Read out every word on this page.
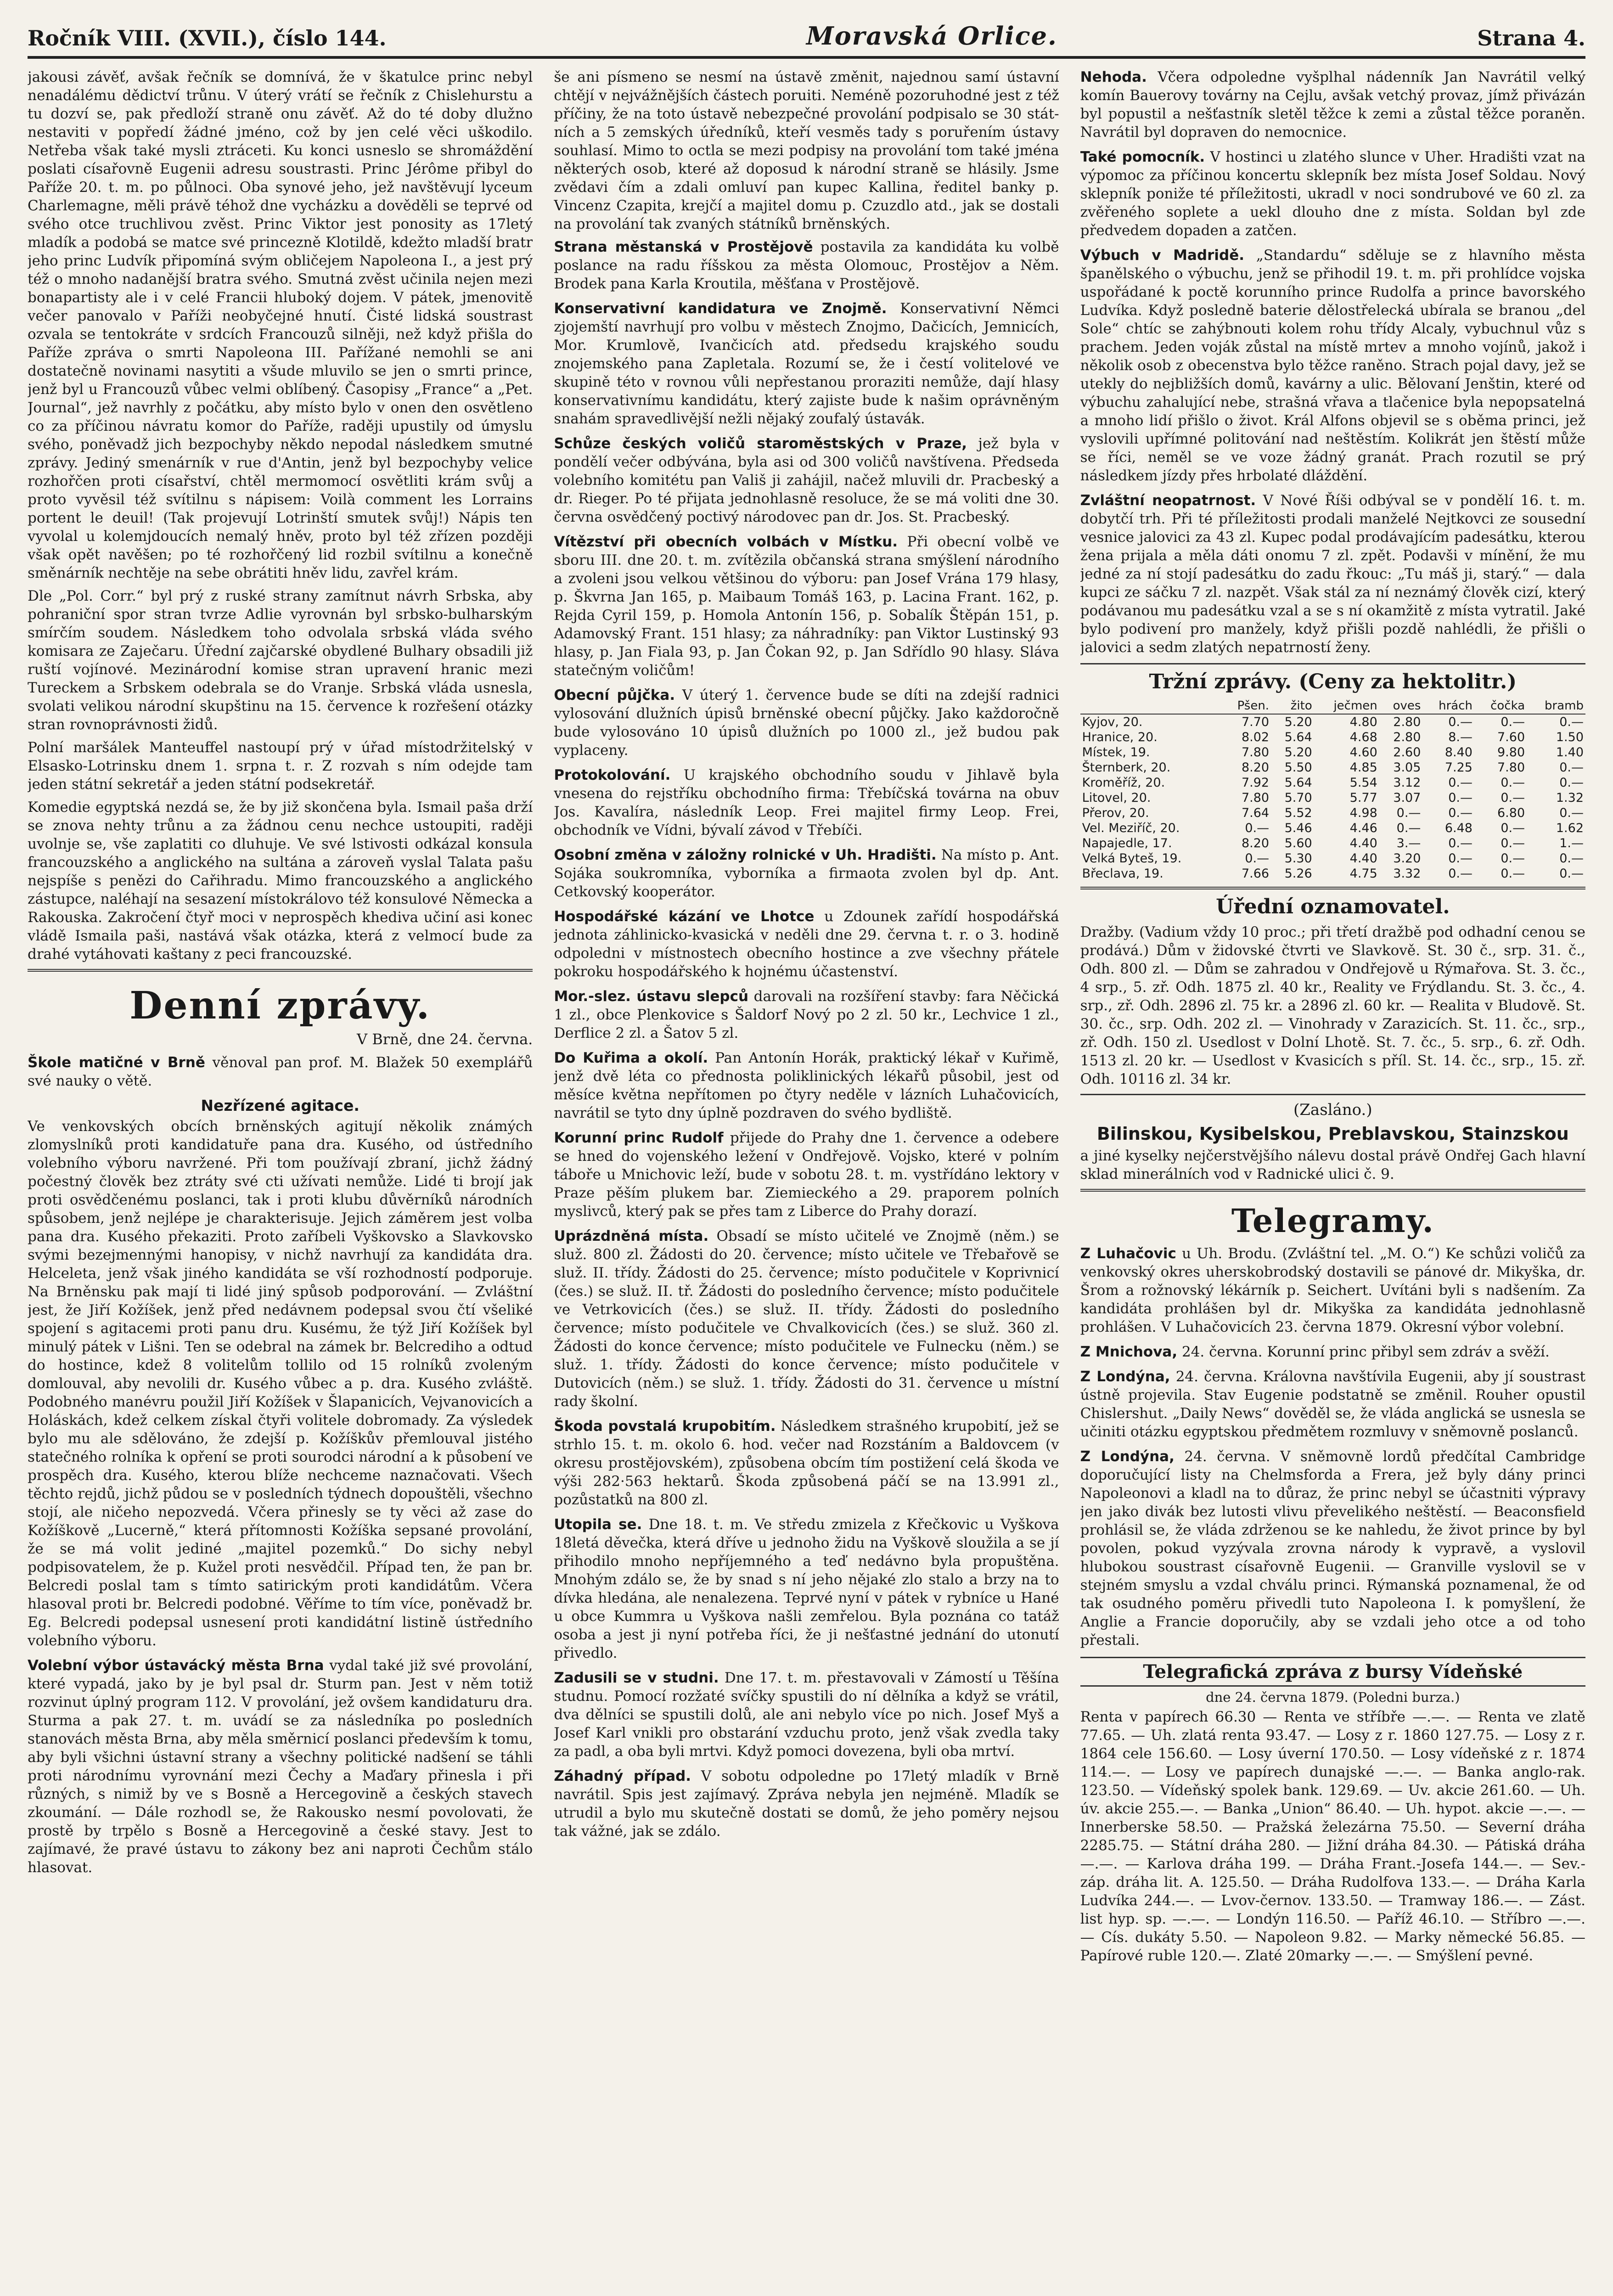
Ročník VIII. (XVII.), číslo 144.	Moravská Orlice.	Strana 4.

jakousi závěť, avšak řečník se domnívá, že v škatulce princ nebyl nenadálému dědictví trůnu. V úterý vrátí se řečník z Chislehurstu a tu dozví se, pak předloží straně onu závěť. Až do té doby dlužno nestaviti v popředí žádné jméno, což by jen celé věci uškodilo. Netřeba však také mysli ztráceti. Ku konci usneslo se shromáždění poslati císařovně Eugenii adresu soustrasti. Princ Jérôme přibyl do Paříže 20. t. m. po půlnoci. Oba synové jeho, jež navštěvují lyceum Charlemagne, měli právě téhož dne vycházku a dověděli se teprvé od svého otce truchlivou zvěst. Princ Viktor jest ponosity as 17letý mladík a podobá se matce své princezně Klotildě, kdežto mladší bratr jeho princ Ludvík připomíná svým obličejem Napoleona I., a jest prý též o mnoho nadanější bratra svého. Smutná zvěst učinila nejen mezi bonapartisty ale i v celé Francii hluboký dojem. V pátek, jmenovitě večer panovalo v Paříži neobyčejné hnutí. Čisté lidská soustrast ozvala se tentokráte v srdcích Francouzů silněji, než když přišla do Paříže zpráva o smrti Napoleona III. Pařížané nemohli se ani dostatečně novinami nasytiti a všude mluvilo se jen o smrti prince, jenž byl u Francouzů vůbec velmi oblíbený. Časopisy „France“ a „Pet. Journal“, jež navrhly z počátku, aby místo bylo v onen den osvětleno co za příčinou návratu komor do Paříže, raději upustily od úmyslu svého, poněvadž jich bezpochyby někdo nepodal následkem smutné zprávy. Jediný smenárník v rue d'Antin, jenž byl bezpochyby velice rozhořčen proti císařství, chtěl mermomocí osvětliti krám svůj a proto vyvěsil též svítilnu s nápisem: Voilà comment les Lorrains portent le deuil! (Tak projevují Lotrinští smutek svůj!) Nápis ten vyvolal u kolemjdoucích nemalý hněv, proto byl též zřízen později však opět navěšen; po té rozhořčený lid rozbil svítilnu a konečně směnárník nechtěje na sebe obrátiti hněv lidu, zavřel krám.

Dle „Pol. Corr.“ byl prý z ruské strany zamítnut návrh Srbska, aby pohraniční spor stran tvrze Adlie vyrovnán byl srbsko-bulharským smírčím soudem. Následkem toho odvolala srbská vláda svého komisara ze Zaječaru. Úřední zajčarské obydlené Bulhary obsadili již ruští vojínové. Mezinárodní komise stran upravení hranic mezi Tureckem a Srbskem odebrala se do Vranje. Srbská vláda usnesla, svolati velikou národní skupštinu na 15. července k rozřešení otázky stran rovnoprávnosti židů.

Polní maršálek Manteuffel nastoupí prý v úřad místodržitelský v Elsasko-Lotrinsku dnem 1. srpna t. r. Z rozvah s ním odejde tam jeden státní sekretář a jeden státní podsekretář.

Komedie egyptská nezdá se, že by již skončena byla. Ismail paša drží se znova nehty trůnu a za žádnou cenu nechce ustoupiti, raději uvolnje se, vše zaplatiti co dluhuje. Ve své lstivosti odkázal konsula francouzského a anglického na sultána a zároveň vyslal Talata pašu nejspíše s penězi do Cařihradu. Mimo francouzského a anglického zástupce, naléhají na sesazení místokrálovo též konsulové Německa a Rakouska. Zakročení čtyř moci v neprospěch khediva učiní asi konec vládě Ismaila paši, nastává však otázka, která z velmocí bude za drahé vytáhovati kaštany z peci francouzské.

Denní zprávy.
V Brně, dne 24. června.

Škole matičné v Brně věnoval pan prof. M. Blažek 50 exemplářů své nauky o větě.

Nezřízené agitace.

Ve venkovských obcích brněnských agitují několik známých zlomyslníků proti kandidatuře pana dra. Kusého, od ústředního volebního výboru navržené. Při tom používají zbraní, jichž žádný počestný člověk bez ztráty své cti užívati nemůže. Lidé ti brojí jak proti osvědčenému poslanci, tak i proti klubu důvěrníků národních spůsobem, jenž nejlépe je charakterisuje. Jejich záměrem jest volba pana dra. Kusého překaziti. Proto zaříbeli Vyškovsko a Slavkovsko svými bezejmennými hanopisy, v nichž navrhují za kandidáta dra. Helceleta, jenž však jiného kandidáta se vší rozhodností podporuje. Na Brněnsku pak mají ti lidé jiný spůsob podporování. — Zvláštní jest, že Jiří Kožíšek, jenž před nedávnem podepsal svou čtí všeliké spojení s agitacemi proti panu dru. Kusému, že týž Jiří Kožíšek byl minulý pátek v Lišni. Ten se odebral na zámek br. Belcrediho a odtud do hostince, kdež 8 volitelům tollilo od 15 rolníků zvoleným domlouval, aby nevolili dr. Kusého vůbec a p. dra. Kusého zvláště. Podobného manévru použil Jiří Kožíšek v Šlapanicích, Vejvanovicích a Holáskách, kdež celkem získal čtyři volitele dobromady. Za výsledek bylo mu ale sdělováno, že zdejší p. Kožíškův přemlouval jistého statečného rolníka k opření se proti sourodci národní a k působení ve prospěch dra. Kusého, kterou blíže nechceme naznačovati. Všech těchto rejdů, jichž půdou se v posledních týdnech dopouštěli, všechno stojí, ale ničeho nepozvedá. Včera přinesly se ty věci až zase do Kožíškově „Lucerně,“ která přítomnosti Kožíška sepsané provolání, že se má volit jediné „majitel pozemků.“ Do sichy nebyl podpisovatelem, že p. Kužel proti nesvědčil. Případ ten, že pan br. Belcredi poslal tam s tímto satirickým proti kandidátům. Včera hlasoval proti br. Belcredi podobné. Věříme to tím více, poněvadž br. Eg. Belcredi podepsal usnesení proti kandidátní listině ústředního volebního výboru.

Volební výbor ústavácký města Brna vydal také již své provolání, které vypadá, jako by je byl psal dr. Sturm pan. Jest v něm totiž rozvinut úplný program 112. V provolání, jež ovšem kandidaturu dra. Sturma a pak 27. t. m. uvádí se za následníka po posledních stanovách města Brna, aby měla směrnicí poslanci především k tomu, aby byli všichni ústavní strany a všechny politické nadšení se táhli proti národnímu vyrovnání mezi Čechy a Maďary přinesla i při různých, s nimiž by ve s Bosně a Hercegovině a českých stavech zkoumání. — Dále rozhodl se, že Rakousko nesmí povolovati, že prostě by trpělo s Bosně a Hercegovině a české stavy. Jest to zajímavé, že pravé ústavu to zákony bez ani naproti Čechům stálo hlasovat.

še ani písmeno se nesmí na ústavě změnit, najednou samí ústavní chtějí v nejvážnějších částech poruiti. Neméně pozoruhodné jest z též příčiny, že na toto ústavě nebezpečné provolání podpisalo se 30 stát-ních a 5 zemských úředníků, kteří vesměs tady s poruřením ústavy souhlasí. Mimo to octla se mezi podpisy na provolání tom také jména některých osob, které až doposud k národní straně se hlásily. Jsme zvědavi čím a zdali omluví pan kupec Kallina, ředitel banky p. Vincenz Czapita, krejčí a majitel domu p. Czuzdlo atd., jak se dostali na provolání tak zvaných státníků brněnských.

Strana městanská v Prostějově postavila za kandidáta ku volbě poslance na radu říšskou za města Olomouc, Prostějov a Něm. Brodek pana Karla Kroutila, měšťana v Prostějově.

Konservativní kandidatura ve Znojmě. Konservativní Němci zjojemští navrhují pro volbu v městech Znojmo, Dačicích, Jemnicích, Mor. Krumlově, Ivančicích atd. předsedu krajského soudu znojemského pana Zapletala. Rozumí se, že i čestí volitelové ve skupině této v rovnou vůli nepřestanou proraziti nemůže, dají hlasy konservativnímu kandidátu, který zajiste bude k našim oprávněným snahám spravedlivější nežli nějaký zoufalý ústavák.

Schůze českých voličů staroměstských v Praze, jež byla v pondělí večer odbývána, byla asi od 300 voličů navštívena. Předseda volebního komitétu pan Vališ ji zahájil, načež mluvili dr. Pracbeský a dr. Rieger. Po té přijata jednohlasně resoluce, že se má voliti dne 30. června osvědčený poctivý národovec pan dr. Jos. St. Pracbeský.

Vítězství při obecních volbách v Místku. Při obecní volbě ve sboru III. dne 20. t. m. zvítězila občanská strana smýšlení národního a zvoleni jsou velkou většinou do výboru: pan Josef Vrána 179 hlasy, p. Škvrna Jan 165, p. Maibaum Tomáš 163, p. Lacina Frant. 162, p. Rejda Cyril 159, p. Homola Antonín 156, p. Sobalík Štěpán 151, p. Adamovský Frant. 151 hlasy; za náhradníky: pan Viktor Lustinský 93 hlasy, p. Jan Fiala 93, p. Jan Čokan 92, p. Jan Sdřídlo 90 hlasy. Sláva statečným voličům!

Obecní půjčka. V úterý 1. července bude se díti na zdejší radnici vylosování dlužních úpisů brněnské obecní půjčky. Jako každoročně bude vylosováno 10 úpisů dlužních po 1000 zl., jež budou pak vyplaceny.

Protokolování. U krajského obchodního soudu v Jihlavě byla vnesena do rejstříku obchodního firma: Třebíčská továrna na obuv Jos. Kavalíra, následník Leop. Frei majitel firmy Leop. Frei, obchodník ve Vídni, bývalí závod v Třebíči.

Osobní změna v záložny rolnické v Uh. Hradišti. Na místo p. Ant. Sojáka soukromníka, vyborníka a firmaota zvolen byl dp. Ant. Cetkovský kooperátor.

Hospodářské kázání ve Lhotce u Zdounek zařídí hospodářská jednota záhlinicko-kvasická v neděli dne 29. června t. r. o 3. hodině odpoledni v místnostech obecního hostince a zve všechny přátele pokroku hospodářského k hojnému účastenství.

Mor.-slez. ústavu slepců darovali na rozšíření stavby: fara Něčická 1 zl., obce Plenkovice s Šaldorf Nový po 2 zl. 50 kr., Lechvice 1 zl., Derflice 2 zl. a Šatov 5 zl.

Do Kuřima a okolí. Pan Antonín Horák, praktický lékař v Kuřimě, jenž dvě léta co přednosta poliklinických lékařů působil, jest od měsíce května nepřítomen po čtyry neděle v lázních Luhačovicích, navrátil se tyto dny úplně pozdraven do svého bydliště.

Korunní princ Rudolf přijede do Prahy dne 1. července a odebere se hned do vojenského ležení v Ondřejově. Vojsko, které v polním táboře u Mnichovic leží, bude v sobotu 28. t. m. vystřídáno lektory v Praze pěším plukem bar. Ziemieckého a 29. praporem polních myslivců, který pak se přes tam z Liberce do Prahy dorazí.

Uprázdněná místa. Obsadí se místo učitelé ve Znojmě (něm.) se služ. 800 zl. Žádosti do 20. července; místo učitele ve Třebařově se služ. II. třídy. Žádosti do 25. července; místo podučitele v Koprivnicí (čes.) se služ. II. tř. Žádosti do posledního července; místo podučitele ve Vetrkovicích (čes.) se služ. II. třídy. Žádosti do posledního července; místo podučitele ve Chvalkovicích (čes.) se služ. 360 zl. Žádosti do konce července; místo podučitele ve Fulnecku (něm.) se služ. 1. třídy. Žádosti do konce července; místo podučitele v Dutovicích (něm.) se služ. 1. třídy. Žádosti do 31. července u místní rady školní.

Škoda povstalá krupobitím. Následkem strašného krupobití, jež se strhlo 15. t. m. okolo 6. hod. večer nad Rozstáním a Baldovcem (v okresu prostějovském), způsobena obcím tím postižení celá škoda ve výši 282·563 hektarů. Škoda způsobená páčí se na 13.991 zl., pozůstatků na 800 zl.

Utopila se. Dne 18. t. m. Ve středu zmizela z Křečkovic u Vyškova 18letá děvečka, která dříve u jednoho židu na Vyškově sloužila a se jí přihodilo mnoho nepříjemného a teď nedávno byla propuštěna. Mnohým zdálo se, že by snad s ní jeho nějaké zlo stalo a brzy na to dívka hledána, ale nenalezena. Teprvé nyní v pátek v rybníce u Hané u obce Kummra u Vyškova našli zemřelou. Byla poznána co tatáž osoba a jest ji nyní potřeba říci, že ji nešťastné jednání do utonutí přivedlo.

Zadusili se v studni. Dne 17. t. m. přestavovali v Zámostí u Těšína studnu. Pomocí rozžaté svíčky spustili do ní dělníka a když se vrátil, dva dělníci se spustili dolů, ale ani nebylo více po nich. Josef Myš a Josef Karl vnikli pro obstarání vzduchu proto, jenž však zvedla taky za padl, a oba byli mrtvi. Když pomoci dovezena, byli oba mrtví.

Záhadný případ. V sobotu odpoledne po 17letý mladík v Brně navrátil. Spis jest zajímavý. Zpráva nebyla jen nejméně. Mladík se utrudil a bylo mu skutečně dostati se domů, že jeho poměry nejsou tak vážné, jak se zdálo.

Nehoda. Včera odpoledne vyšplhal nádenník Jan Navrátil velký komín Bauerovy továrny na Cejlu, avšak vetchý provaz, jímž přivázán byl popustil a nešťastník sletěl těžce k zemi a zůstal těžce poraněn. Navrátil byl dopraven do nemocnice.

Také pomocník. V hostinci u zlatého slunce v Uher. Hradišti vzat na výpomoc za příčinou koncertu sklepník bez místa Josef Soldau. Nový sklepník poniže té příležitosti, ukradl v noci sondrubové ve 60 zl. za zvěřeného soplete a uekl dlouho dne z místa. Soldan byl zde předvedem dopaden a zatčen.

Výbuch v Madridě. „Standardu“ sděluje se z hlavního města španělského o výbuchu, jenž se přihodil 19. t. m. při prohlídce vojska uspořádané k poctě korunního prince Rudolfa a prince bavorského Ludvíka. Když posledně baterie dělostřelecká ubírala se branou „del Sole“ chtíc se zahýbnouti kolem rohu třídy Alcaly, vybuchnul vůz s prachem. Jeden voják zůstal na místě mrtev a mnoho vojínů, jakož i několik osob z obecenstva bylo těžce raněno. Strach pojal davy, jež se utekly do nejbližších domů, kavárny a ulic. Bělovaní Jenštin, které od výbuchu zahalující nebe, strašná vřava a tlačenice byla nepopsatelná a mnoho lidí přišlo o život. Král Alfons objevil se s oběma princi, jež vyslovili upřímné politování nad neštěstím. Kolikrát jen štěstí může se říci, neměl se ve voze žádný granát. Prach rozutil se prý následkem jízdy přes hrbolaté dláždění.

Zvláštní neopatrnost. V Nové Říši odbýval se v pondělí 16. t. m. dobytčí trh. Při té příležitosti prodali manželé Nejtkovci ze sousední vesnice jalovici za 43 zl. Kupec podal prodávajícím padesátku, kterou žena prijala a měla dáti onomu 7 zl. zpět. Podavši v mínění, že mu jedné za ní stojí padesátku do zadu řkouc: „Tu máš ji, starý.“ — dala kupci ze sáčku 7 zl. nazpět. Však stál za ní neznámý člověk cizí, který podávanou mu padesátku vzal a se s ní okamžitě z místa vytratil. Jaké bylo podivení pro manžely, když přišli pozdě nahlédli, že přišli o jalovici a sedm zlatých nepatrností ženy.

Tržní zprávy. (Ceny za hektolitr.)
	Pšen.	žito	ječmen	oves	hrách	čočka	bramb
Kyjov, 20.	7.70	5.20	4.80	2.80	0.—	0.—	0.—
Hranice, 20.	8.02	5.64	4.68	2.80	8.—	7.60	1.50
Místek, 19.	7.80	5.20	4.60	2.60	8.40	9.80	1.40
Šternberk, 20.	8.20	5.50	4.85	3.05	7.25	7.80	0.—
Kroměříž, 20.	7.92	5.64	5.54	3.12	0.—	0.—	0.—
Litovel, 20.	7.80	5.70	5.77	3.07	0.—	0.—	1.32
Přerov, 20.	7.64	5.52	4.98	0.—	0.—	6.80	0.—
Vel. Meziříč, 20.	0.—	5.46	4.46	0.—	6.48	0.—	1.62
Napajedle, 17.	8.20	5.60	4.40	3.—	0.—	0.—	1.—
Velká Byteš, 19.	0.—	5.30	4.40	3.20	0.—	0.—	0.—
Břeclava, 19.	7.66	5.26	4.75	3.32	0.—	0.—	0.—
Úřední oznamovatel.

Dražby. (Vadium vždy 10 proc.; při třetí dražbě pod odhadní cenou se prodává.) Dům v židovské čtvrti ve Slavkově. St. 30 č., srp. 31. č., Odh. 800 zl. — Dům se zahradou v Ondřejově u Rýmařova. St. 3. čc., 4 srp., 5. zř. Odh. 1875 zl. 40 kr., Reality ve Frýdlandu. St. 3. čc., 4. srp., zř. Odh. 2896 zl. 75 kr. a 2896 zl. 60 kr. — Realita v Bludově. St. 30. čc., srp. Odh. 202 zl. — Vinohrady v Zarazicích. St. 11. čc., srp., zř. Odh. 150 zl. Usedlost v Dolní Lhotě. St. 7. čc., 5. srp., 6. zř. Odh. 1513 zl. 20 kr. — Usedlost v Kvasicích s příl. St. 14. čc., srp., 15. zř. Odh. 10116 zl. 34 kr.

(Zasláno.)
Bilinskou, Kysibelskou, Preblavskou, Stainzskou

a jiné kyselky nejčerstvějšího nálevu dostal právě Ondřej Gach hlavní sklad minerálních vod v Radnické ulici č. 9.

Telegramy.

Z Luhačovic u Uh. Brodu. (Zvláštní tel. „M. O.“) Ke schůzi voličů za venkovský okres uherskobrodský dostavili se pánové dr. Mikyška, dr. Šrom a rožnovský lékárník p. Seichert. Uvítáni byli s nadšením. Za kandidáta prohlášen byl dr. Mikyška za kandidáta jednohlasně prohlášen. V Luhačovicích 23. června 1879. Okresní výbor volební.

Z Mnichova, 24. června. Korunní princ přibyl sem zdráv a svěží.

Z Londýna, 24. června. Královna navštívila Eugenii, aby jí soustrast ústně projevila. Stav Eugenie podstatně se změnil. Rouher opustil Chislershut. „Daily News“ dověděl se, že vláda anglická se usnesla se učiniti otázku egyptskou předmětem rozmluvy v sněmovně poslanců.

Z Londýna, 24. června. V sněmovně lordů předčítal Cambridge doporučující listy na Chelmsforda a Frera, jež byly dány princi Napoleonovi a kladl na to důraz, že princ nebyl se účastniti výpravy jen jako divák bez lutosti vlivu převelikého neštěstí. — Beaconsfield prohlásil se, že vláda zdrženou se ke nahledu, že život prince by byl povolen, pokud vyzývala zrovna národy k vypravě, a vyslovil hlubokou soustrast císařovně Eugenii. — Granville vyslovil se v stejném smyslu a vzdal chválu princi. Rýmanská poznamenal, že od tak osudného poměru přivedli tuto Napoleona I. k pomyšlení, že Anglie a Francie doporučily, aby se vzdali jeho otce a od toho přestali.

Telegrafická zpráva z bursy Vídeňské
dne 24. června 1879. (Poledni burza.)

Renta v papírech 66.30 — Renta ve stříbře —.—. — Renta ve zlatě 77.65. — Uh. zlatá renta 93.47. — Losy z r. 1860 127.75. — Losy z r. 1864 cele 156.60. — Losy úverní 170.50. — Losy vídeňské z r. 1874 114.—. — Losy ve papírech dunajské —.—. — Banka anglo-rak. 123.50. — Vídeňský spolek bank. 129.69. — Uv. akcie 261.60. — Uh. úv. akcie 255.—. — Banka „Union“ 86.40. — Uh. hypot. akcie —.—. — Innerberske 58.50. — Pražská železárna 75.50. — Severní dráha 2285.75. — Státní dráha 280. — Jižní dráha 84.30. — Pátiská dráha —.—. — Karlova dráha 199. — Dráha Frant.-Josefa 144.—. — Sev.-záp. dráha lit. A. 125.50. — Dráha Rudolfova 133.—. — Dráha Karla Ludvíka 244.—. — Lvov-černov. 133.50. — Tramway 186.—. — Zást. list hyp. sp. —.—. — Londýn 116.50. — Paříž 46.10. — Stříbro —.—. — Cís. dukáty 5.50. — Napoleon 9.82. — Marky německé 56.85. — Papírové ruble 120.—. Zlaté 20marky —.—. — Smýšlení pevné.
